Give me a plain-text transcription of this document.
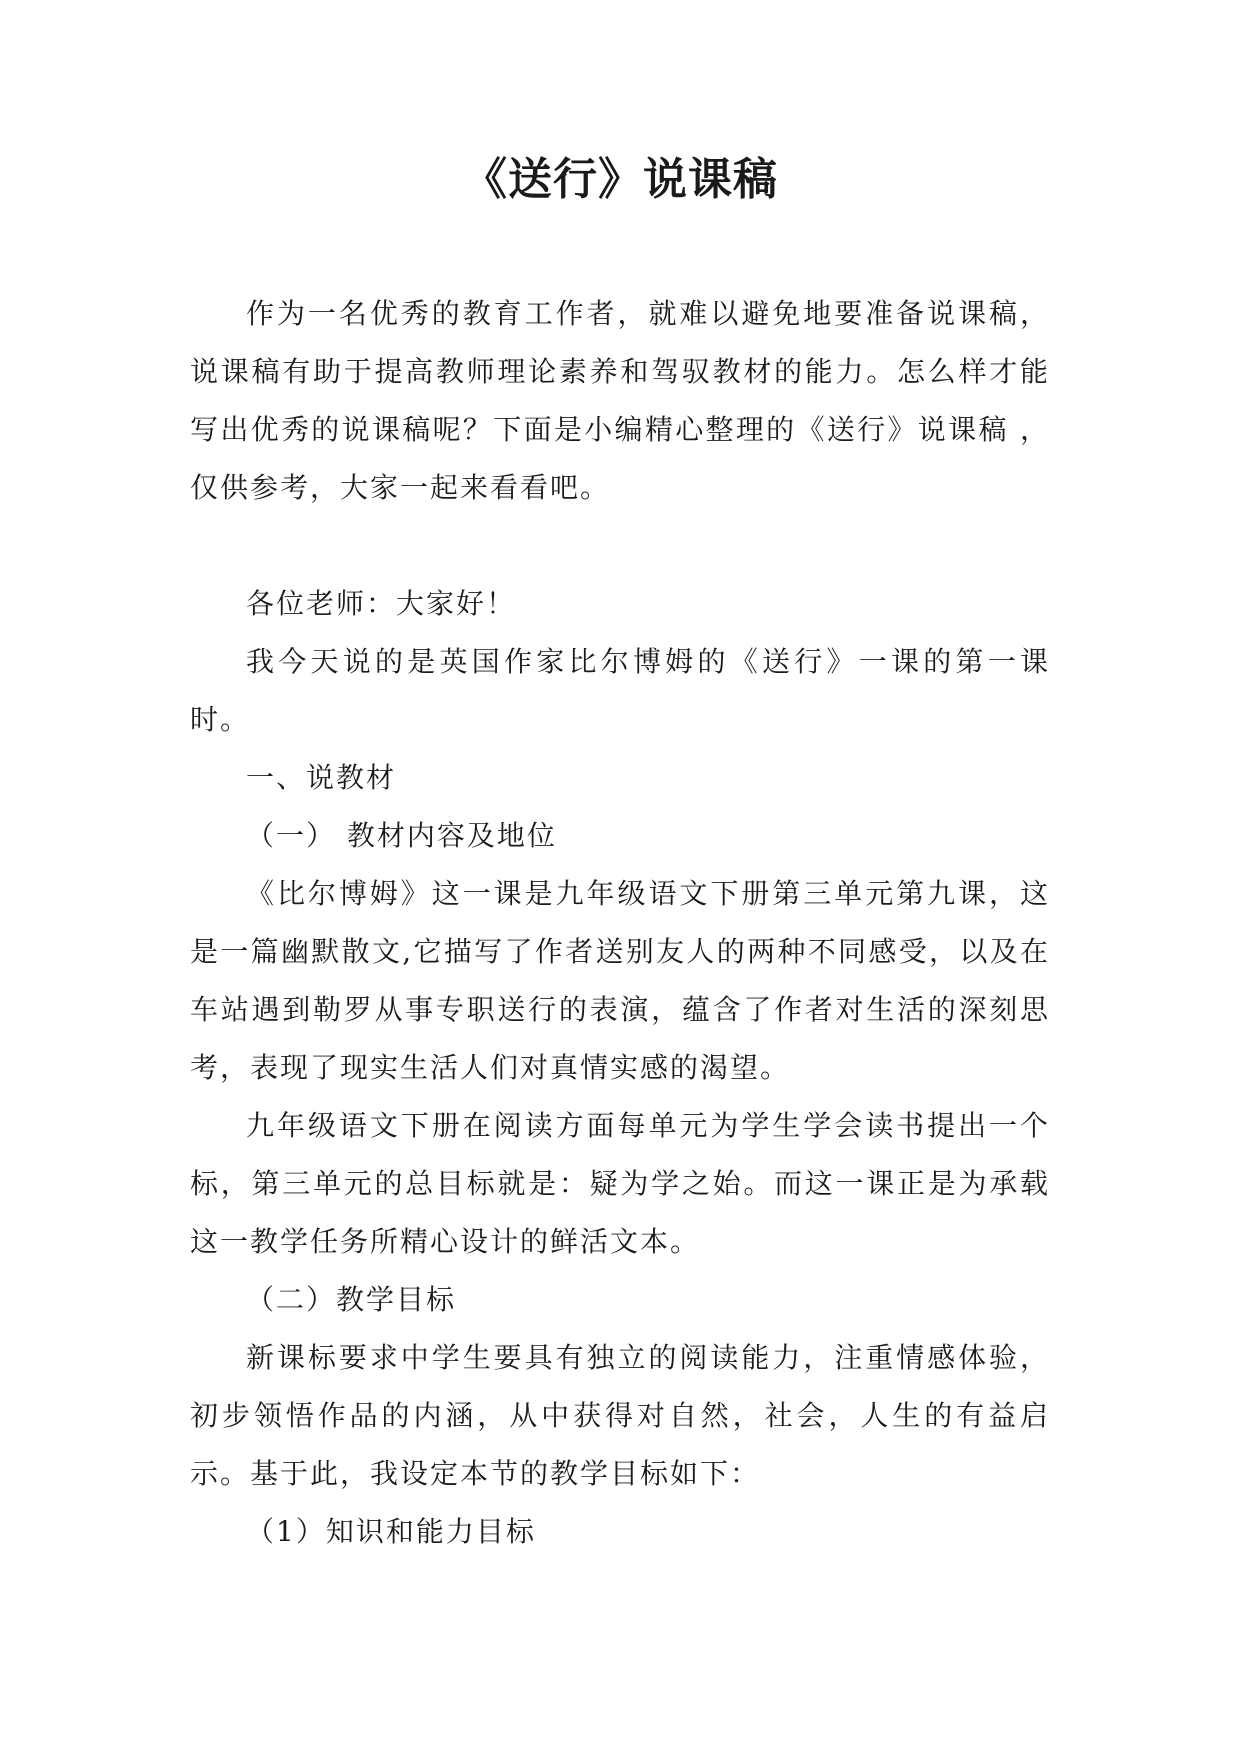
《送行》说课稿

作为一名优秀的教育工作者，就难以避免地要准备说课稿，说课稿有助于提高教师理论素养和驾驭教材的能力。怎么样才能写出优秀的说课稿呢？下面是小编精心整理的《送行》说课稿 ，仅供参考，大家一起来看看吧。

各位老师：大家好！

我今天说的是英国作家比尔博姆的《送行》一课的第一课时。

一、说教材

（一） 教材内容及地位

《比尔博姆》这一课是九年级语文下册第三单元第九课，这是一篇幽默散文,它描写了作者送别友人的两种不同感受，以及在车站遇到勒罗从事专职送行的表演，蕴含了作者对生活的深刻思考，表现了现实生活人们对真情实感的渴望。

九年级语文下册在阅读方面每单元为学生学会读书提出一个标，第三单元的总目标就是：疑为学之始。而这一课正是为承载这一教学任务所精心设计的鲜活文本。

（二）教学目标

新课标要求中学生要具有独立的阅读能力，注重情感体验，初步领悟作品的内涵，从中获得对自然，社会，人生的有益启示。基于此，我设定本节的教学目标如下：

（1）知识和能力目标
